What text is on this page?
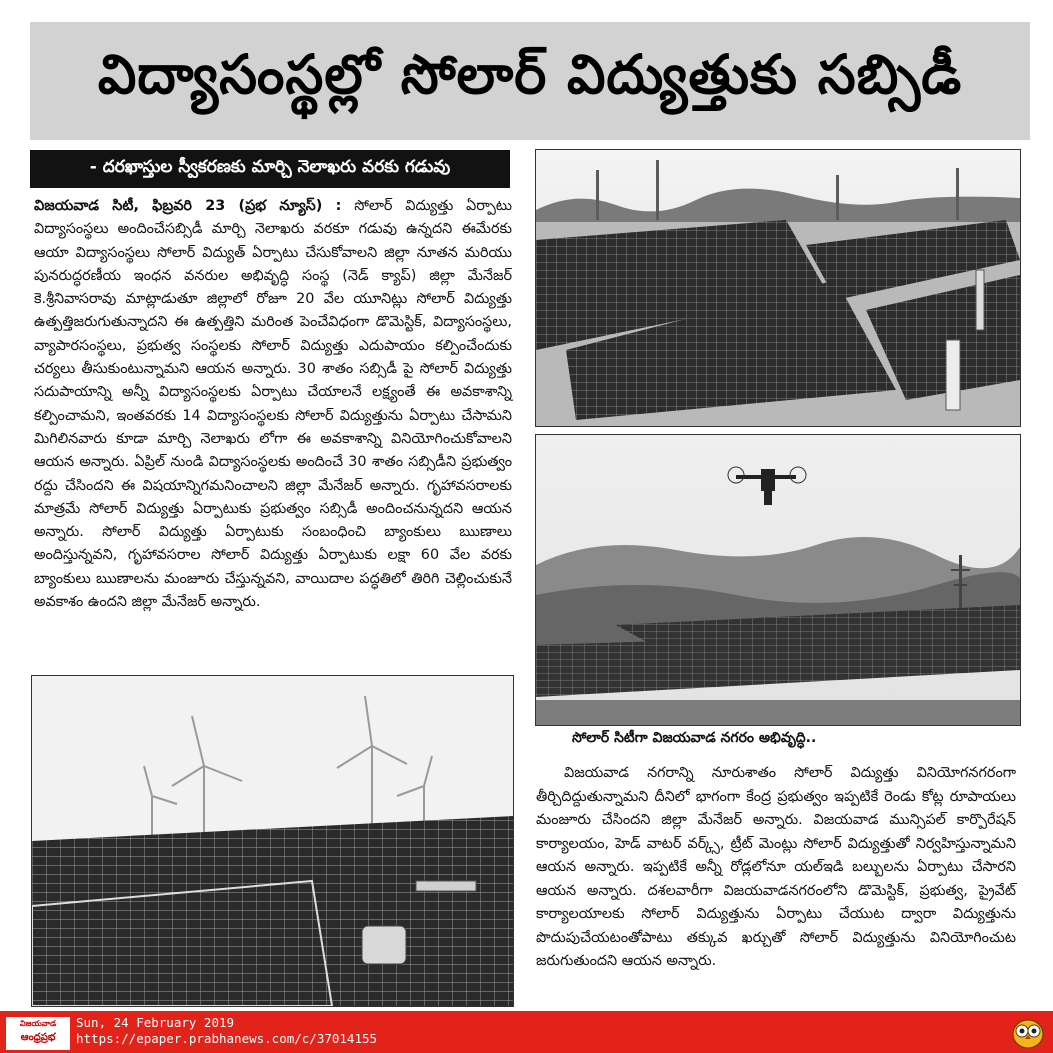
విద్యాసంస్థల్లో సోలార్ విద్యుత్తుకు సబ్సిడీ
- దరఖాస్తుల స్వీకరణకు మార్చి నెలాఖరు వరకు గడువు

విజయవాడ సిటీ, ఫిబ్రవరి 23 (ప్రభ న్యూస్) : సోలార్ విద్యుత్తు ఏర్పాటు విద్యాసంస్థలు అందించేసబ్సిడీ మార్చి నెలాఖరు వరకూ గడువు ఉన్నదని ఈమేరకు ఆయా విద్యాసంస్థలు సోలార్ విద్యుత్ ఏర్పాటు చేసుకోవాలని జిల్లా నూతన మరియు పునరుద్ధరణీయ ఇంధన వనరుల అభివృద్ధి సంస్థ (నెడ్ క్యాప్) జిల్లా మేనేజర్ కె.శ్రీనివాసరావు మాట్లాడుతూ జిల్లాలో రోజూ 20 వేల యూనిట్లు సోలార్ విద్యుత్తు ఉత్పత్తిజరుగుతున్నాదని ఈ ఉత్పత్తిని మరింత పెంచేవిధంగా డొమెస్టిక్, విద్యాసంస్థలు, వ్యాపారసంస్థలు, ప్రభుత్వ సంస్థలకు సోలార్ విద్యుత్తు ఎదుపాయం కల్పించేందుకు చర్యలు తీసుకుంటున్నామని ఆయన అన్నారు. 30 శాతం సబ్సిడీ పై సోలార్ విద్యుత్తు సదుపాయాన్ని అన్నీ విద్యాసంస్థలకు ఏర్పాటు చేయాలనే లక్ష్యంతే ఈ అవకాశాన్ని కల్పించామని, ఇంతవరకు 14 విద్యాసంస్థలకు సోలార్ విద్యుత్తును ఏర్పాటు చేసామని మిగిలినవారు కూడా మార్చి నెలాఖరు లోగా ఈ అవకాశాన్ని వినియోగించుకోవాలని ఆయన అన్నారు. ఏప్రిల్ నుండి విద్యాసంస్థలకు అందించే 30 శాతం సబ్సిడీని ప్రభుత్వం రద్దు చేసిందని ఈ విషయాన్నిగమనించాలని జిల్లా మేనేజర్ అన్నారు. గృహావసరాలకు మాత్రమే సోలార్ విద్యుత్తు ఏర్పాటుకు ప్రభుత్వం సబ్సిడీ అందించనున్నదని ఆయన అన్నారు. సోలార్ విద్యుత్తు ఏర్పాటుకు సంబంధించి బ్యాంకులు ఋణాలు అందిస్తున్నవని, గృహావసరాల సోలార్ విద్యుత్తు ఏర్పాటుకు లక్షా 60 వేల వరకు బ్యాంకులు ఋణాలను మంజూరు చేస్తున్నవని, వాయిదాల పద్ధతిలో తిరిగి చెల్లించుకునే అవకాశం ఉందని జిల్లా మేనేజర్ అన్నారు.

సోలార్ సిటీగా విజయవాడ నగరం అభివృద్ధి..

విజయవాడ నగరాన్ని నూరుశాతం సోలార్ విద్యుత్తు వినియోగనగరంగా తీర్చిదిద్దుతున్నామని దీనిలో భాగంగా కేంద్ర ప్రభుత్వం ఇప్పటికే రెండు కోట్ల రూపాయలు మంజూరు చేసిందని జిల్లా మేనేజర్ అన్నారు. విజయవాడ మున్సిపల్ కార్పొరేషన్ కార్యాలయం, హెడ్ వాటర్ వర్క్స్, ట్రీట్ మెంట్లు సోలార్ విద్యుత్తుతో నిర్వహిస్తున్నామని ఆయన అన్నారు. ఇప్పటికే అన్నీ రోడ్లలోనూ యల్ఇడి బల్బులను ఏర్పాటు చేసారని ఆయన అన్నారు. దశలవారీగా విజయవాడనగరంలోని డొమెస్టిక్, ప్రభుత్వ, ప్రైవేట్ కార్యాలయాలకు సోలార్ విద్యుత్తును ఏర్పాటు చేయుట ద్వారా విద్యుత్తును పొదుపుచేయటంతోపాటు తక్కువ ఖర్చుతో సోలార్ విద్యుత్తును వినియోగించుట జరుగుతుందని ఆయన అన్నారు.

విజయవాడ
ఆంధ్రప్రభ
Sun, 24 February 2019
https://epaper.prabhanews.com/c/37014155
